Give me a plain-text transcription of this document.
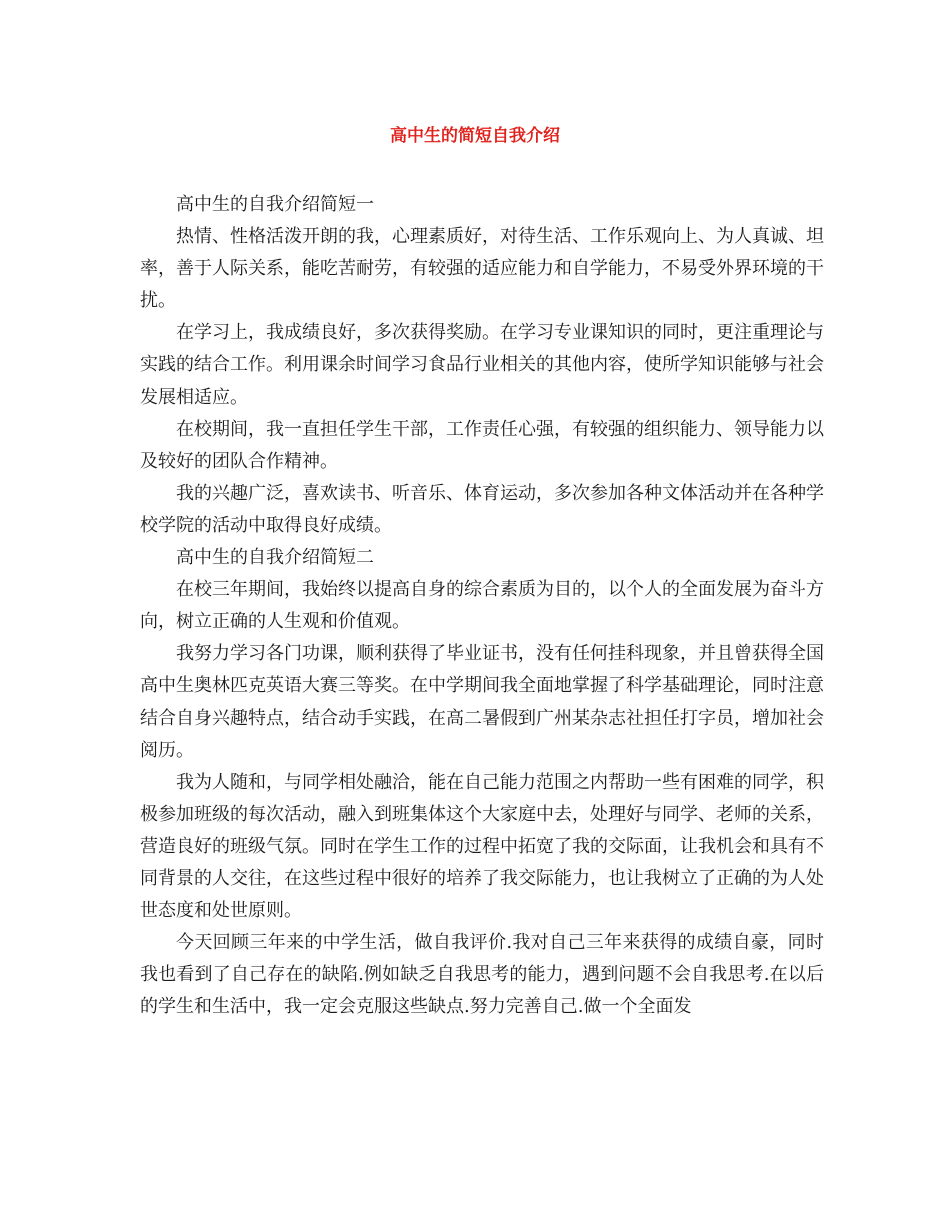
高中生的简短自我介绍

高中生的自我介绍简短一

热情、性格活泼开朗的我，心理素质好，对待生活、工作乐观向上、为人真诚、坦率，善于人际关系，能吃苦耐劳，有较强的适应能力和自学能力，不易受外界环境的干扰。

在学习上，我成绩良好，多次获得奖励。在学习专业课知识的同时，更注重理论与实践的结合工作。利用课余时间学习食品行业相关的其他内容，使所学知识能够与社会发展相适应。

在校期间，我一直担任学生干部，工作责任心强，有较强的组织能力、领导能力以及较好的团队合作精神。

我的兴趣广泛，喜欢读书、听音乐、体育运动，多次参加各种文体活动并在各种学校学院的活动中取得良好成绩。

高中生的自我介绍简短二

在校三年期间，我始终以提高自身的综合素质为目的，以个人的全面发展为奋斗方向，树立正确的人生观和价值观。

我努力学习各门功课，顺利获得了毕业证书，没有任何挂科现象，并且曾获得全国高中生奥林匹克英语大赛三等奖。在中学期间我全面地掌握了科学基础理论，同时注意结合自身兴趣特点，结合动手实践，在高二暑假到广州某杂志社担任打字员，增加社会阅历。

我为人随和，与同学相处融洽，能在自己能力范围之内帮助一些有困难的同学，积极参加班级的每次活动，融入到班集体这个大家庭中去，处理好与同学、老师的关系，营造良好的班级气氛。同时在学生工作的过程中拓宽了我的交际面，让我机会和具有不同背景的人交往，在这些过程中很好的培养了我交际能力，也让我树立了正确的为人处世态度和处世原则。

今天回顾三年来的中学生活，做自我评价.我对自己三年来获得的成绩自豪，同时我也看到了自己存在的缺陷.例如缺乏自我思考的能力，遇到问题不会自我思考.在以后的学生和生活中，我一定会克服这些缺点.努力完善自己.做一个全面发
